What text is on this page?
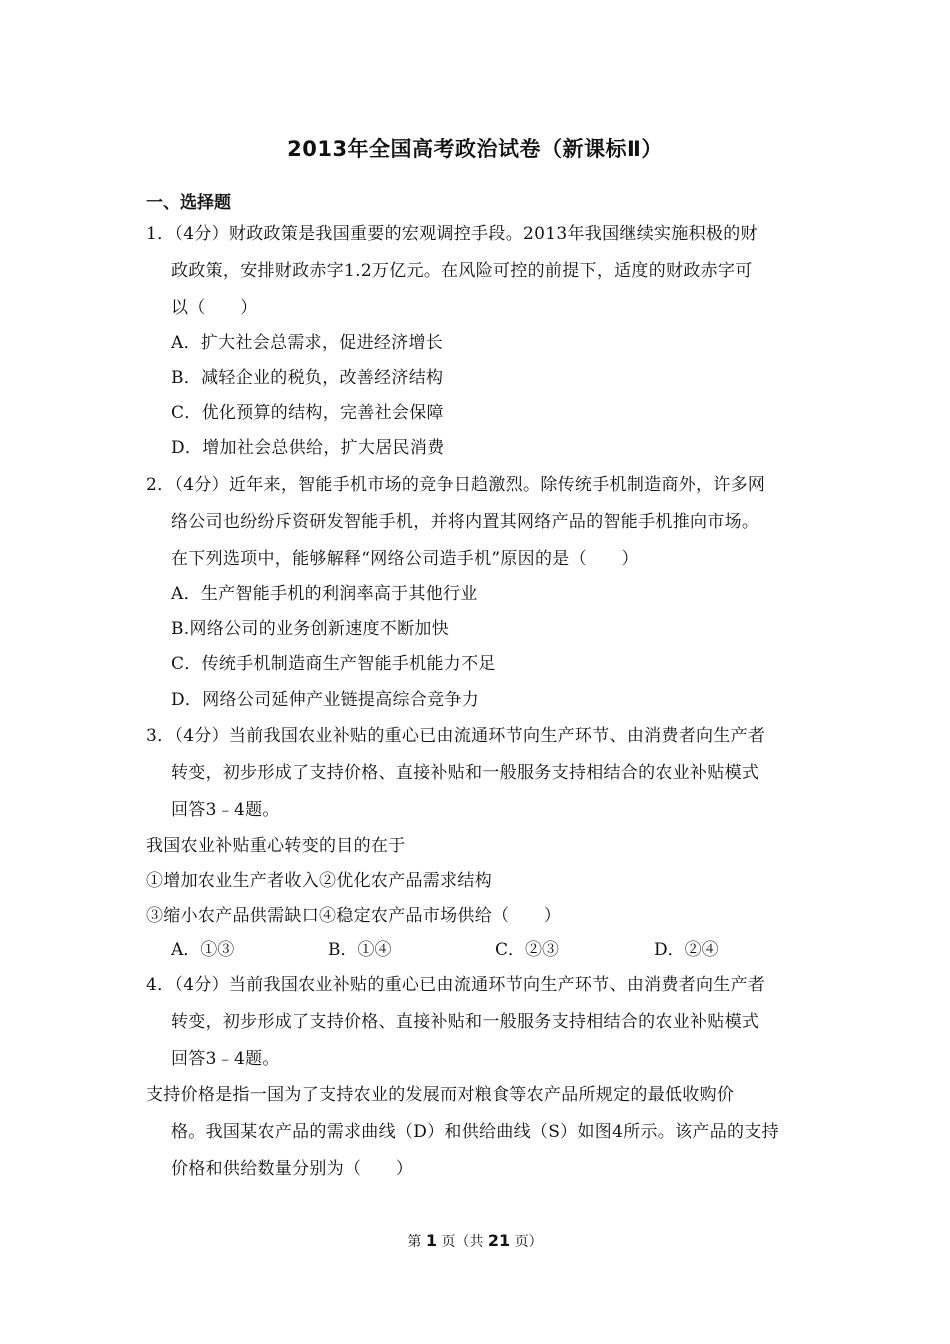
2013年全国高考政治试卷（新课标Ⅱ）
一、选择题
1．（4分）财政政策是我国重要的宏观调控手段。2013年我国继续实施积极的财
政政策，安排财政赤字1.2万亿元。在风险可控的前提下，适度的财政赤字可
以（　　）
A．扩大社会总需求，促进经济增长
B．减轻企业的税负，改善经济结构
C．优化预算的结构，完善社会保障
D．增加社会总供给，扩大居民消费
2．（4分）近年来，智能手机市场的竞争日趋激烈。除传统手机制造商外，许多网
络公司也纷纷斥资研发智能手机，并将内置其网络产品的智能手机推向市场。
在下列选项中，能够解释“网络公司造手机”原因的是（　　）
A．生产智能手机的利润率高于其他行业
B.网络公司的业务创新速度不断加快
C．传统手机制造商生产智能手机能力不足
D．网络公司延伸产业链提高综合竞争力
3．（4分）当前我国农业补贴的重心已由流通环节向生产环节、由消费者向生产者
转变，初步形成了支持价格、直接补贴和一般服务支持相结合的农业补贴模式
回答3﹣4题。
我国农业补贴重心转变的目的在于
①增加农业生产者收入②优化农产品需求结构
③缩小农产品供需缺口④稳定农产品市场供给（　　）
A．①③	B．①④	C．②③	D．②④
4．（4分）当前我国农业补贴的重心已由流通环节向生产环节、由消费者向生产者
转变，初步形成了支持价格、直接补贴和一般服务支持相结合的农业补贴模式
回答3﹣4题。
支持价格是指一国为了支持农业的发展而对粮食等农产品所规定的最低收购价
格。我国某农产品的需求曲线（D）和供给曲线（S）如图4所示。该产品的支持
价格和供给数量分别为（　　）
第 1 页（共 21 页）
